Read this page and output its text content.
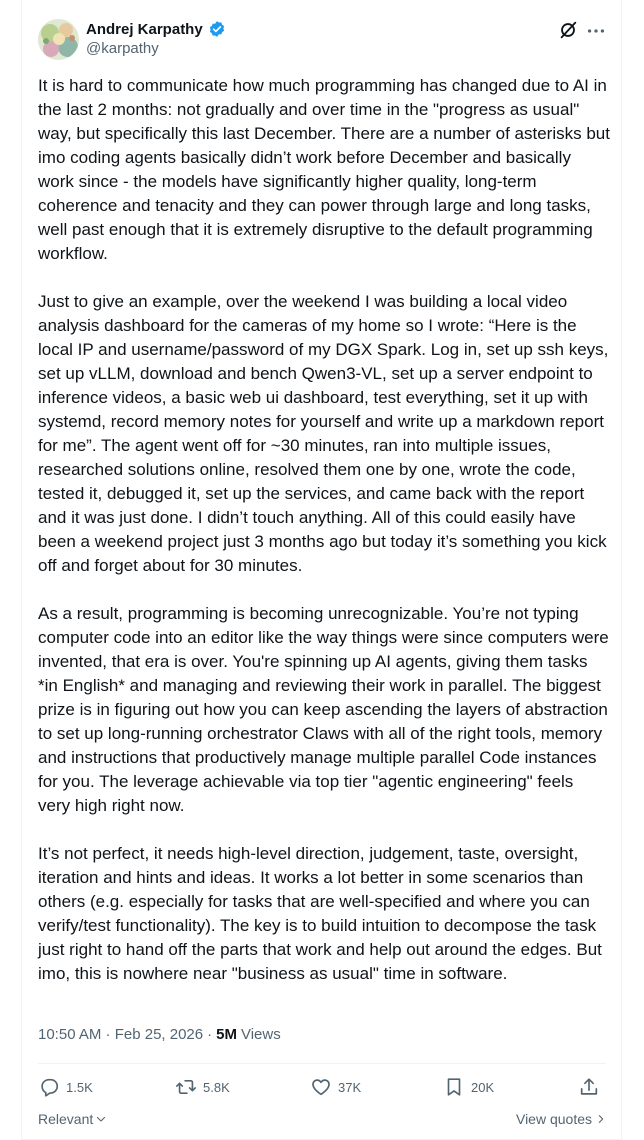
Andrej Karpathy
@karpathy

It is hard to communicate how much programming has changed due to AI in the last 2 months: not gradually and over time in the "progress as usual" way, but specifically this last December. There are a number of asterisks but imo coding agents basically didn’t work before December and basically work since - the models have significantly higher quality, long-term coherence and tenacity and they can power through large and long tasks, well past enough that it is extremely disruptive to the default programming workflow.

Just to give an example, over the weekend I was building a local video analysis dashboard for the cameras of my home so I wrote: “Here is the local IP and username/password of my DGX Spark. Log in, set up ssh keys, set up vLLM, download and bench Qwen3-VL, set up a server endpoint to inference videos, a basic web ui dashboard, test everything, set it up with systemd, record memory notes for yourself and write up a markdown report for me”. The agent went off for ~30 minutes, ran into multiple issues, researched solutions online, resolved them one by one, wrote the code, tested it, debugged it, set up the services, and came back with the report and it was just done. I didn’t touch anything. All of this could easily have been a weekend project just 3 months ago but today it’s something you kick off and forget about for 30 minutes.

As a result, programming is becoming unrecognizable. You’re not typing computer code into an editor like the way things were since computers were invented, that era is over. You're spinning up AI agents, giving them tasks *in English* and managing and reviewing their work in parallel. The biggest prize is in figuring out how you can keep ascending the layers of abstraction to set up long-running orchestrator Claws with all of the right tools, memory and instructions that productively manage multiple parallel Code instances for you. The leverage achievable via top tier "agentic engineering" feels very high right now.

It’s not perfect, it needs high-level direction, judgement, taste, oversight, iteration and hints and ideas. It works a lot better in some scenarios than others (e.g. especially for tasks that are well-specified and where you can verify/test functionality). The key is to build intuition to decompose the task just right to hand off the parts that work and help out around the edges. But imo, this is nowhere near "business as usual" time in software.

10:50 AM · Feb 25, 2026 · 5M Views
1.5K	5.8K	37K	20K
Relevant	View quotes
